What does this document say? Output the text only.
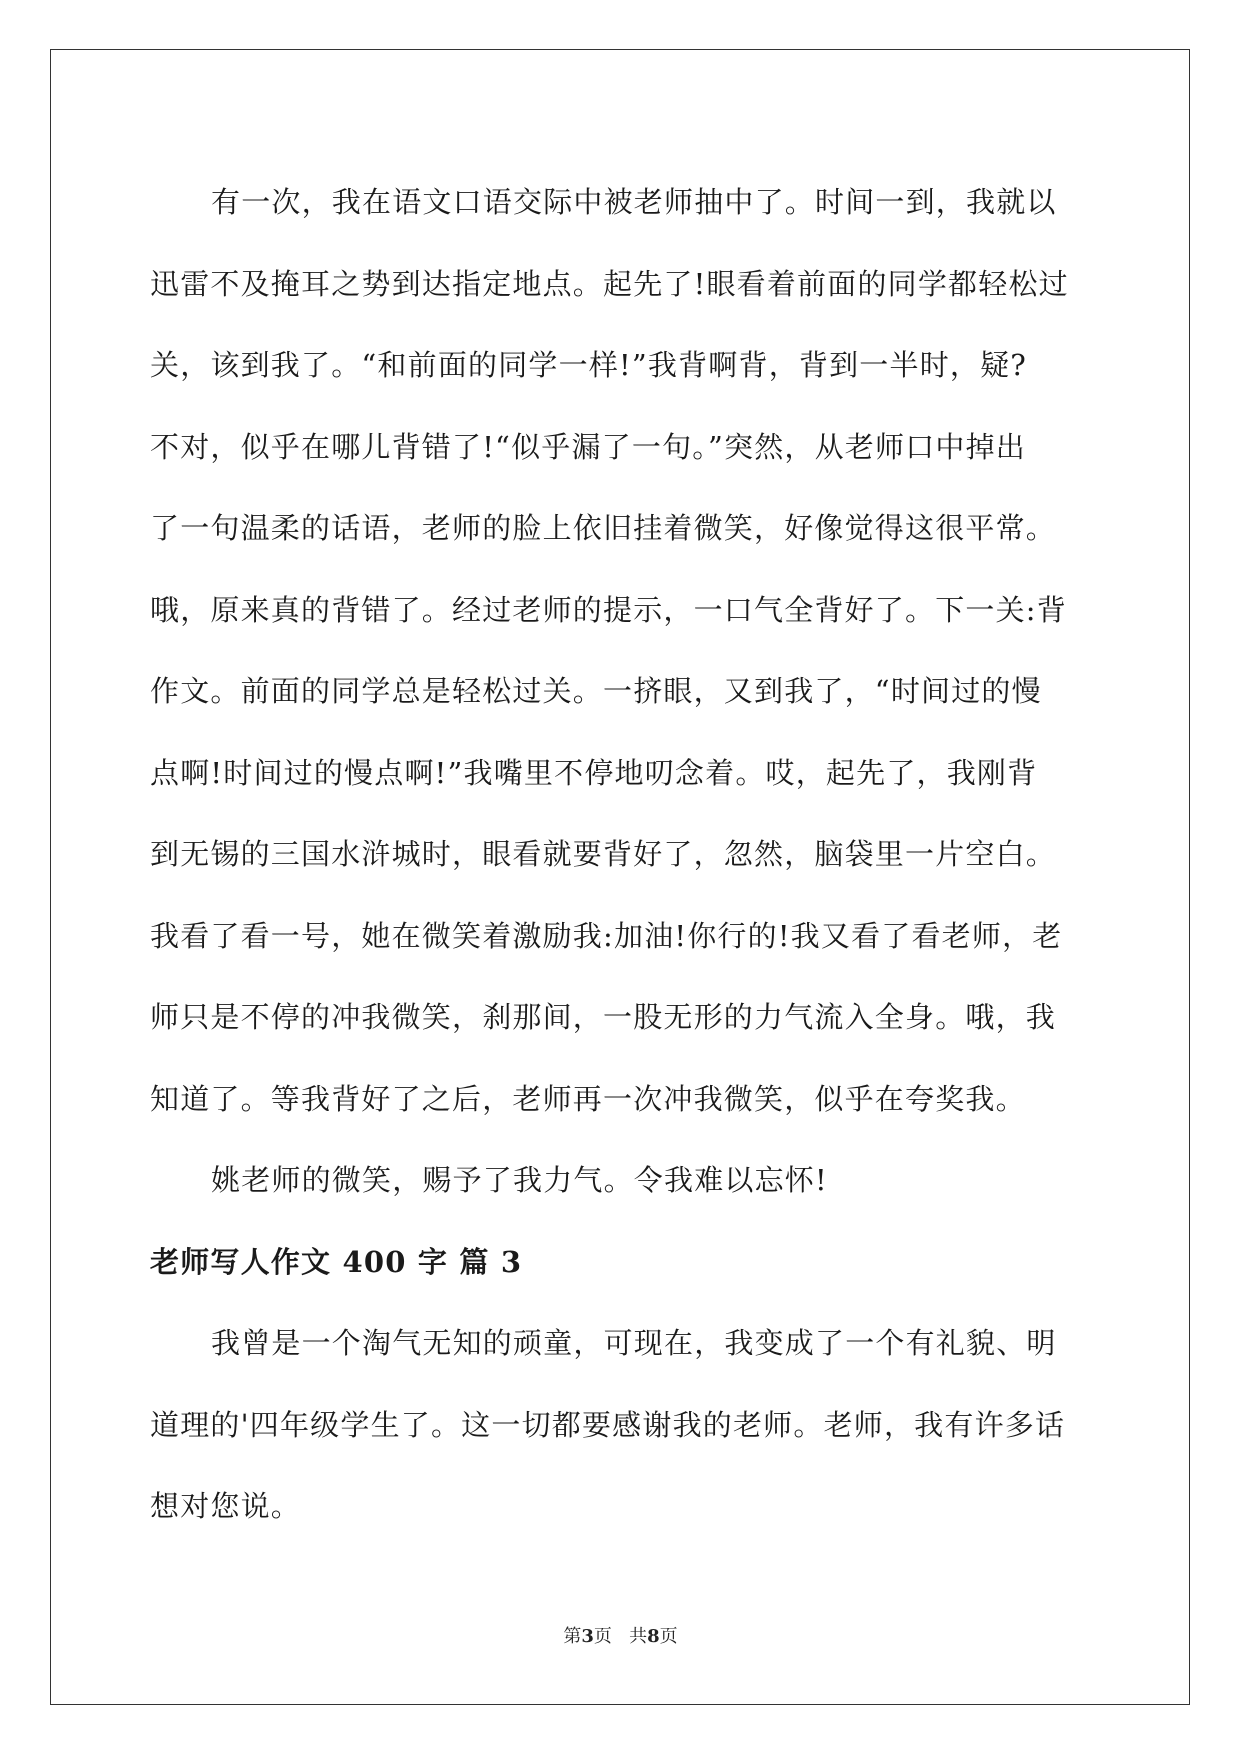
有一次，我在语文口语交际中被老师抽中了。时间一到，我就以
迅雷不及掩耳之势到达指定地点。起先了!眼看着前面的同学都轻松过
关，该到我了。“和前面的同学一样!”我背啊背，背到一半时，疑?
不对，似乎在哪儿背错了!“似乎漏了一句。”突然，从老师口中掉出
了一句温柔的话语，老师的脸上依旧挂着微笑，好像觉得这很平常。
哦，原来真的背错了。经过老师的提示，一口气全背好了。下一关:背
作文。前面的同学总是轻松过关。一挤眼，又到我了，“时间过的慢
点啊!时间过的慢点啊!”我嘴里不停地叨念着。哎，起先了，我刚背
到无锡的三国水浒城时，眼看就要背好了，忽然，脑袋里一片空白。
我看了看一号，她在微笑着激励我:加油!你行的!我又看了看老师，老
师只是不停的冲我微笑，刹那间，一股无形的力气流入全身。哦，我
知道了。等我背好了之后，老师再一次冲我微笑，似乎在夸奖我。

姚老师的微笑，赐予了我力气。令我难以忘怀!

老师写人作文 400 字 篇 3

我曾是一个淘气无知的顽童，可现在，我变成了一个有礼貌、明
道理的'四年级学生了。这一切都要感谢我的老师。老师，我有许多话
想对您说。

第3页   共8页
